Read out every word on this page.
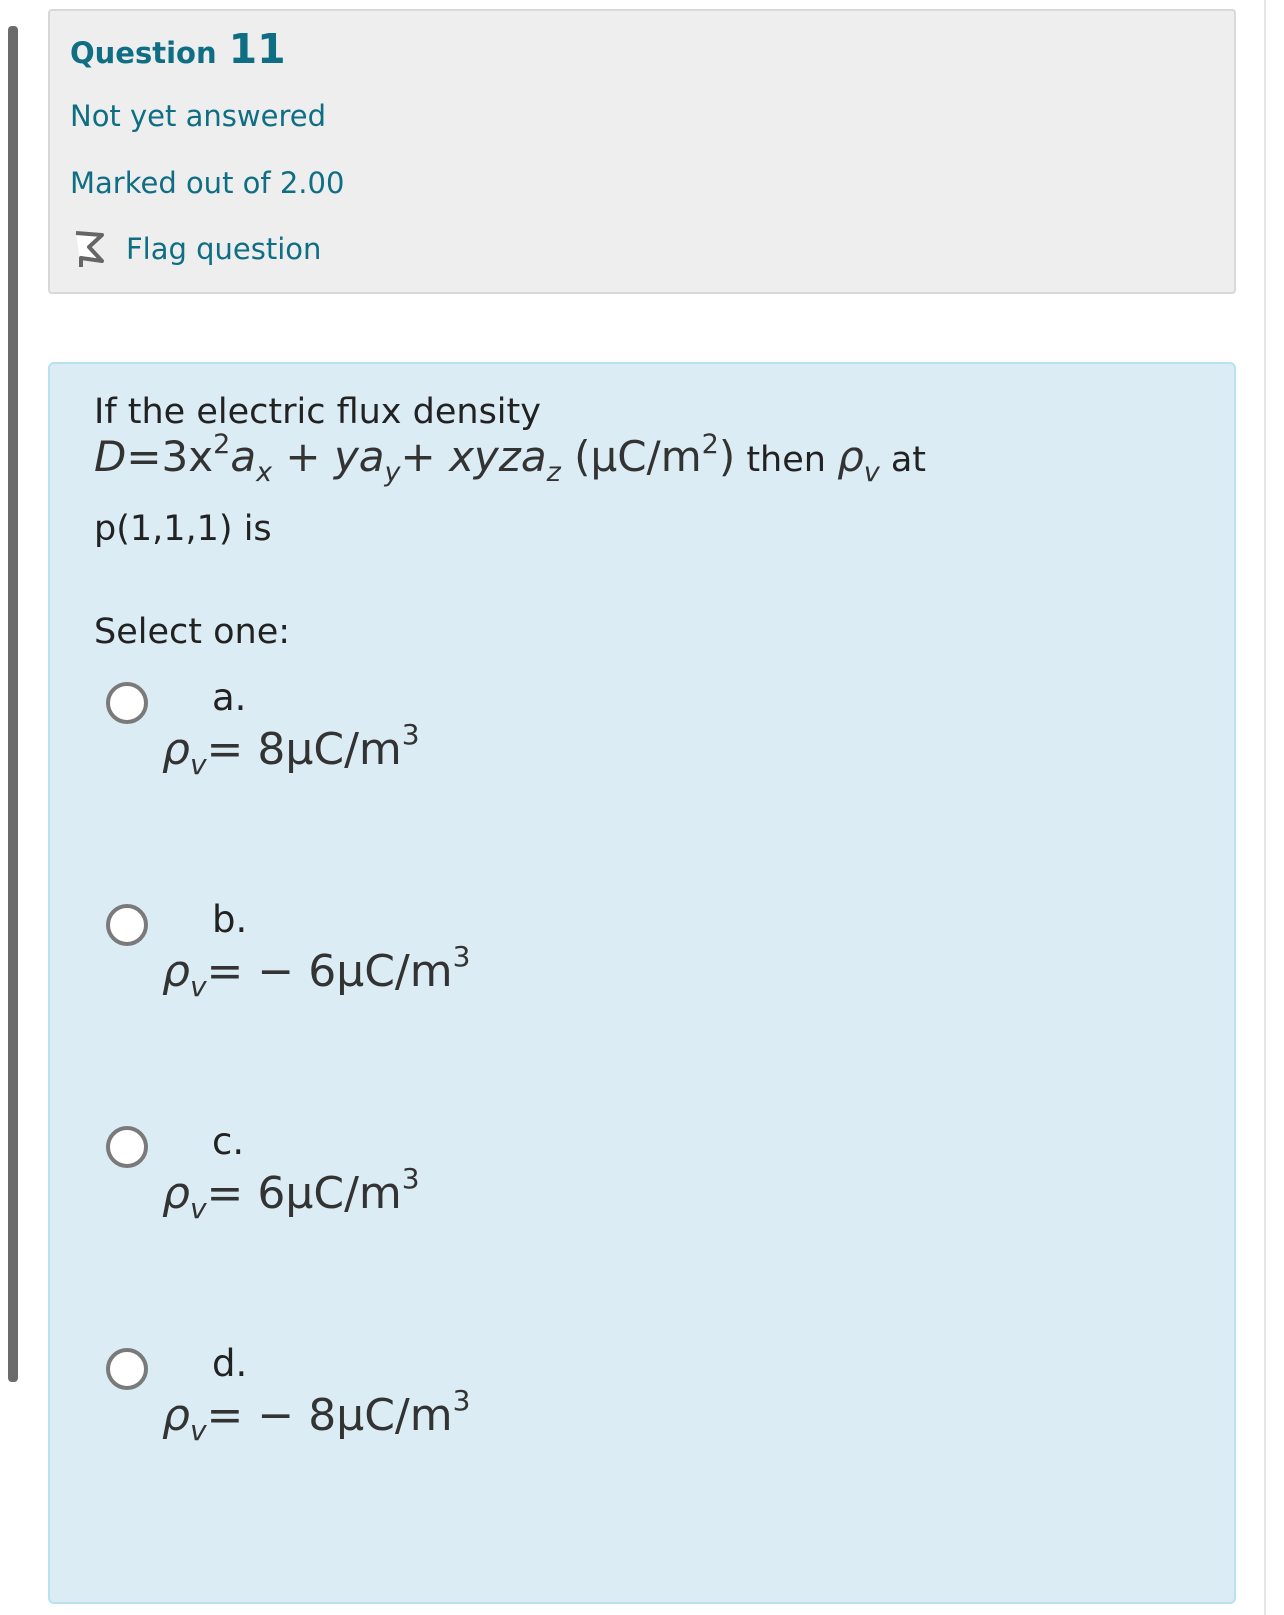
Question 11
Not yet answered
Marked out of 2.00
Flag question
If the electric flux density
$D=3x^2a_x + ya_y+$ xyza$_z$ $(\mu C/m^2)$ then $\rho_v$ at
p(1,1,1) is
Select one:
a.
$\rho_v= 8\mu C/m^3$
b.
$\rho_v= - 6\mu C/m^3$
c.
$\rho_v= 6\mu C/m^3$
d.
$\rho_v= - 8\mu C/m^3$
